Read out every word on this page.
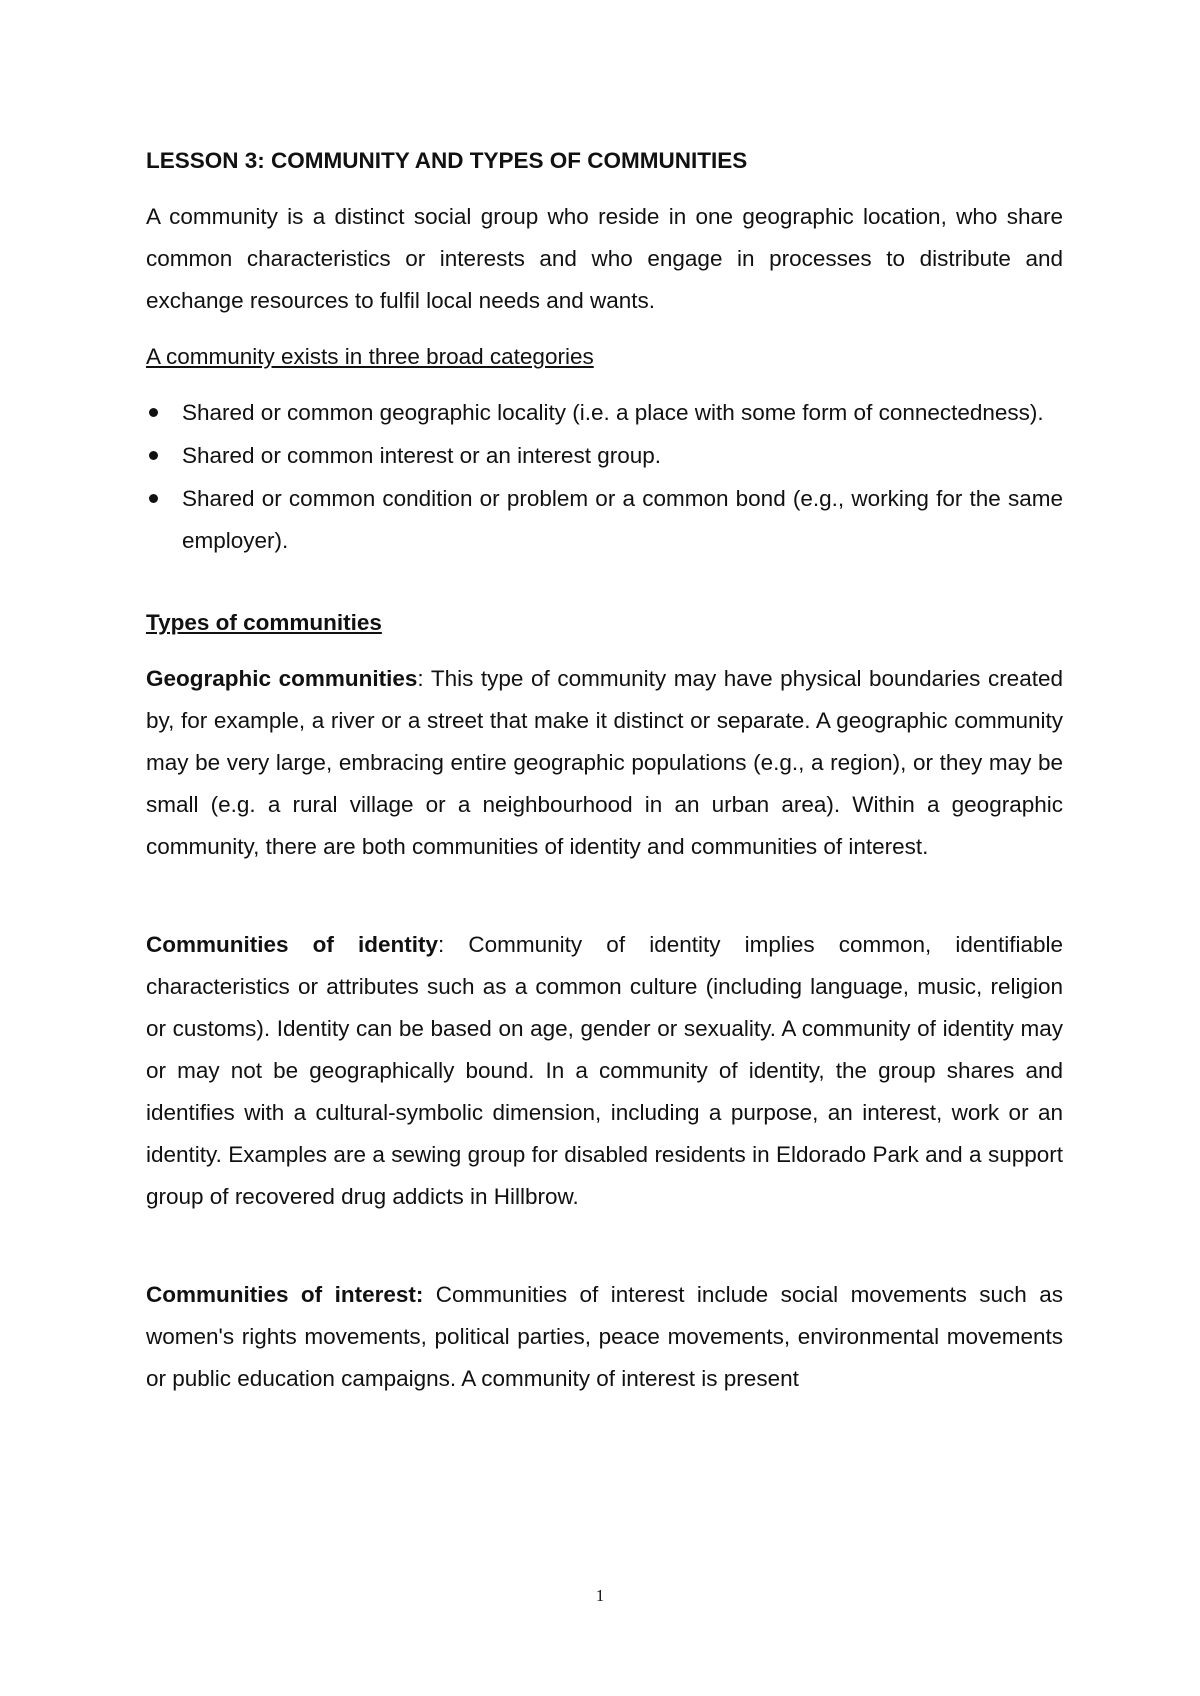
LESSON 3: COMMUNITY AND TYPES OF COMMUNITIES
A community is a distinct social group who reside in one geographic location, who share common characteristics or interests and who engage in processes to distribute and exchange resources to fulfil local needs and wants.
A community exists in three broad categories
Shared or common geographic locality (i.e. a place with some form of connectedness).
Shared or common interest or an interest group.
Shared or common condition or problem or a common bond (e.g., working for the same employer).
Types of communities
Geographic communities: This type of community may have physical boundaries created by, for example, a river or a street that make it distinct or separate. A geographic community may be very large, embracing entire geographic populations (e.g., a region), or they may be small (e.g. a rural village or a neighbourhood in an urban area). Within a geographic community, there are both communities of identity and communities of interest.
Communities of identity: Community of identity implies common, identifiable characteristics or attributes such as a common culture (including language, music, religion or customs). Identity can be based on age, gender or sexuality. A community of identity may or may not be geographically bound. In a community of identity, the group shares and identifies with a cultural-symbolic dimension, including a purpose, an interest, work or an identity. Examples are a sewing group for disabled residents in Eldorado Park and a support group of recovered drug addicts in Hillbrow.
Communities of interest: Communities of interest include social movements such as women's rights movements, political parties, peace movements, environmental movements or public education campaigns. A community of interest is present
1
